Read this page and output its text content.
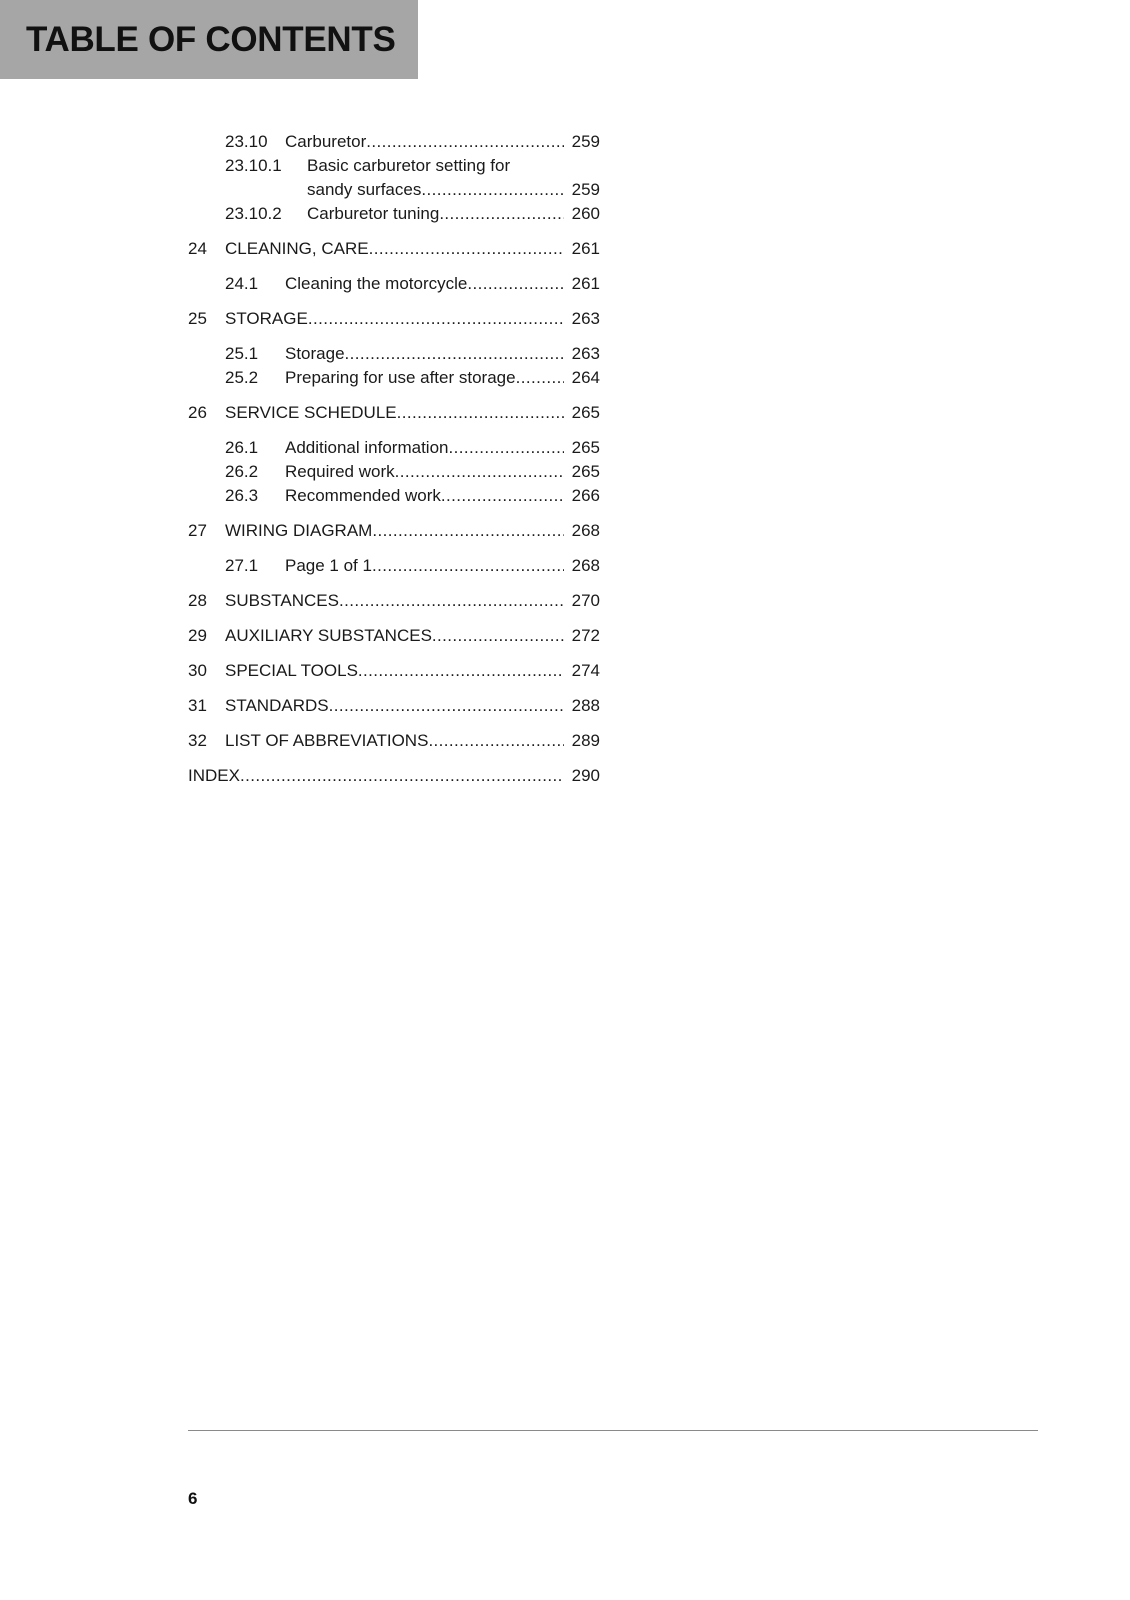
TABLE OF CONTENTS
23.10 Carburetor .....	259
23.10.1 Basic carburetor setting for
sandy surfaces .....	259
23.10.2 Carburetor tuning .....	260
24 CLEANING, CARE .....	261
24.1 Cleaning the motorcycle .....	261
25 STORAGE .....	263
25.1 Storage .....	263
25.2 Preparing for use after storage .....	264
26 SERVICE SCHEDULE .....	265
26.1 Additional information .....	265
26.2 Required work .....	265
26.3 Recommended work .....	266
27 WIRING DIAGRAM .....	268
27.1 Page 1 of 1 .....	268
28 SUBSTANCES .....	270
29 AUXILIARY SUBSTANCES .....	272
30 SPECIAL TOOLS .....	274
31 STANDARDS .....	288
32 LIST OF ABBREVIATIONS .....	289
INDEX .....	290
6
